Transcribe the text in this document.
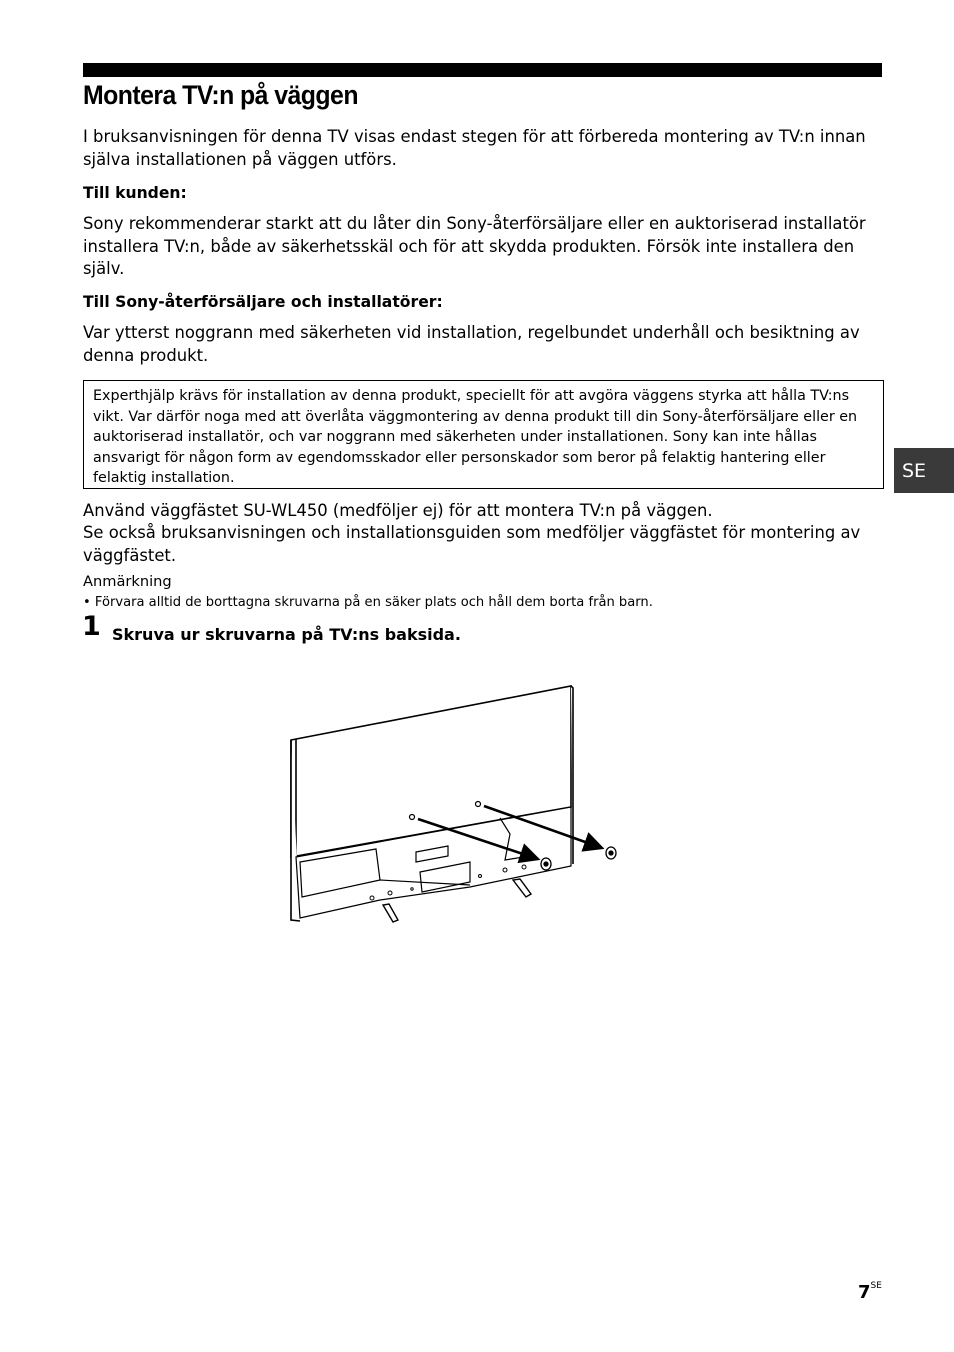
Montera TV:n på väggen

I bruksanvisningen för denna TV visas endast stegen för att förbereda montering av TV:n innan själva installationen på väggen utförs.

Till kunden:

Sony rekommenderar starkt att du låter din Sony-återförsäljare eller en auktoriserad installatör installera TV:n, både av säkerhetsskäl och för att skydda produkten. Försök inte installera den själv.

Till Sony-återförsäljare och installatörer:

Var ytterst noggrann med säkerheten vid installation, regelbundet underhåll och besiktning av denna produkt.

Experthjälp krävs för installation av denna produkt, speciellt för att avgöra väggens styrka att hålla TV:ns vikt. Var därför noga med att överlåta väggmontering av denna produkt till din Sony-återförsäljare eller en auktoriserad installatör, och var noggrann med säkerheten under installationen. Sony kan inte hållas ansvarigt för någon form av egendomsskador eller personskador som beror på felaktig hantering eller felaktig installation.

Använd väggfästet SU-WL450 (medföljer ej) för att montera TV:n på väggen.

Se också bruksanvisningen och installationsguiden som medföljer väggfästet för montering av väggfästet.

Anmärkning

• Förvara alltid de borttagna skruvarna på en säker plats och håll dem borta från barn.

1 Skruva ur skruvarna på TV:ns baksida.

SE

$7^{SE}$
